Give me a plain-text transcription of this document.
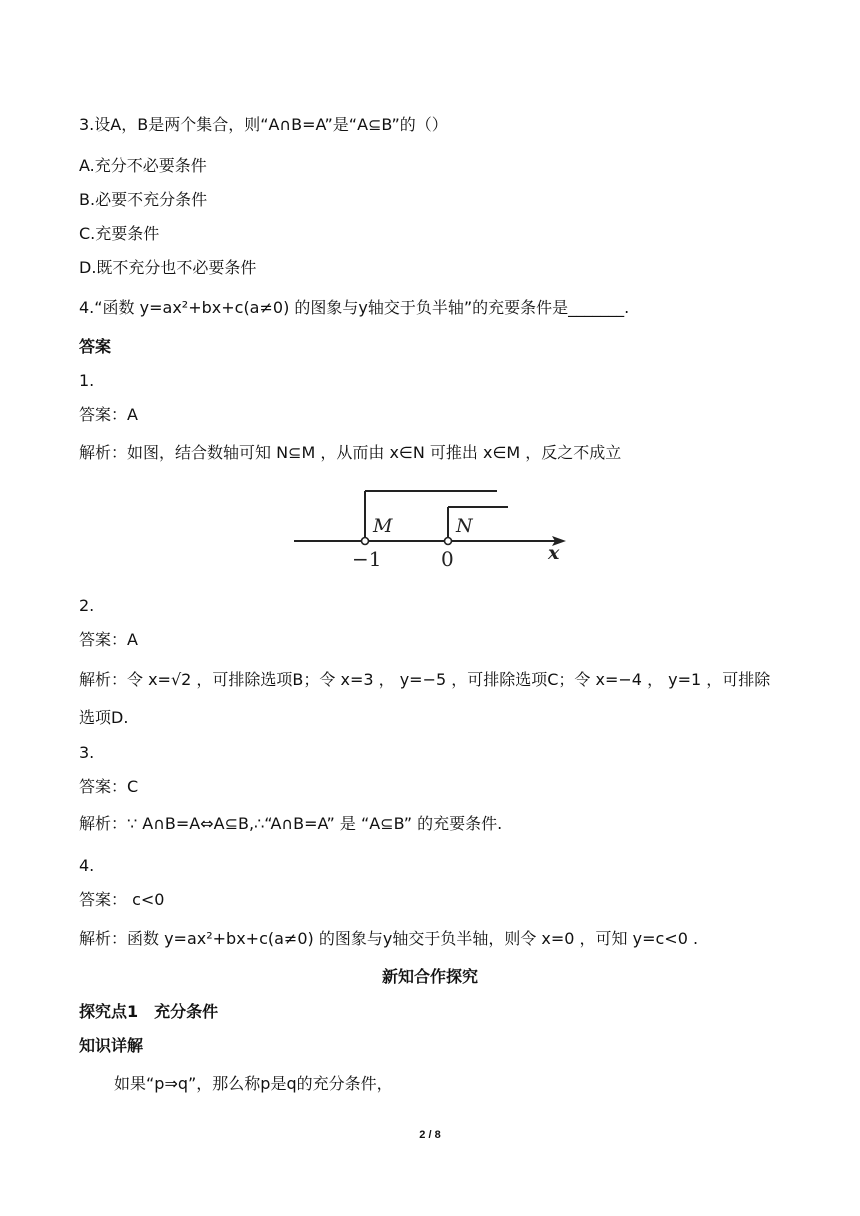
3.设A，B是两个集合，则“A∩B=A”是“A⊆B”的（）
A.充分不必要条件
B.必要不充分条件
C.充要条件
D.既不充分也不必要条件
4.“函数 y=ax²+bx+c(a≠0) 的图象与y轴交于负半轴”的充要条件是_______.
答案
1.
答案：A
解析：如图，结合数轴可知 N⊆M ，从而由 x∈N 可推出 x∈M ，反之不成立
M	N
−1	0	x
2.
答案：A
解析：令 x=√2 ，可排除选项B；令 x=3 ， y=−5 ，可排除选项C；令 x=−4 ， y=1 ，可排除
选项D.
3.
答案：C
解析：∵ A∩B=A⇔A⊆B,∴“A∩B=A” 是 “A⊆B” 的充要条件.
4.
答案： c<0
解析：函数 y=ax²+bx+c(a≠0) 的图象与y轴交于负半轴，则令 x=0 ，可知 y=c<0 .
新知合作探究
探究点1　充分条件
知识详解
如果“p⇒q”，那么称p是q的充分条件，
2 / 8
